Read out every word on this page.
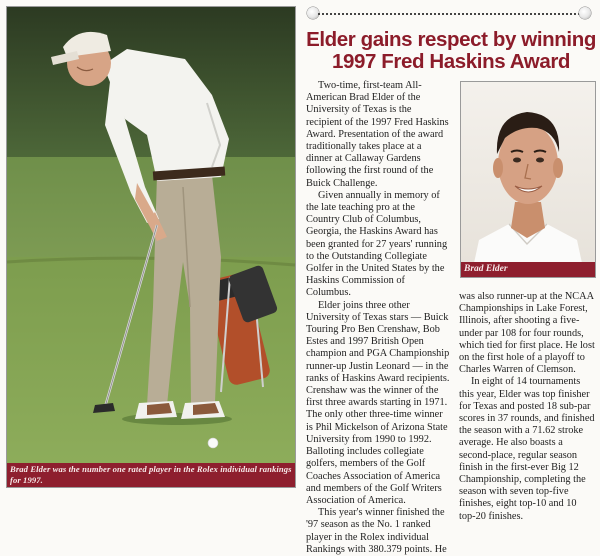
Brad Elder was the number one rated player in the Rolex individual rankings for 1997.
Elder gains respect by winning 1997 Fred Haskins Award

Two-time, first-team All-American Brad Elder of the University of Texas is the recipient of the 1997 Fred Haskins Award. Presentation of the award traditionally takes place at a dinner at Callaway Gardens following the first round of the Buick Challenge.

Given annually in memory of the late teaching pro at the Country Club of Columbus, Georgia, the Haskins Award has been granted for 27 years' running to the Outstanding Collegiate Golfer in the United States by the Haskins Commission of Columbus.

Elder joins three other University of Texas stars — Buick Touring Pro Ben Crenshaw, Bob Estes and 1997 British Open champion and PGA Championship runner-up Justin Leonard — in the ranks of Haskins Award recipients. Crenshaw was the winner of the first three awards starting in 1971. The only other three-time winner is Phil Mickelson of Arizona State University from 1990 to 1992. Balloting includes collegiate golfers, members of the Golf Coaches Association of America and members of the Golf Writers Association of America.

This year's winner finished the '97 season as the No. 1 ranked player in the Rolex individual Rankings with 380.379 points. He

Brad Elder

was also runner-up at the NCAA Championships in Lake Forest, Illinois, after shooting a five-under par 108 for four rounds, which tied for first place. He lost on the first hole of a playoff to Charles Warren of Clemson.

In eight of 14 tournaments this year, Elder was top finisher for Texas and posted 18 sub-par scores in 37 rounds, and finished the season with a 71.62 stroke average. He also boasts a second-place, regular season finish in the first-ever Big 12 Championship, completing the season with seven top-five finishes, eight top-10 and 10 top-20 finishes.
